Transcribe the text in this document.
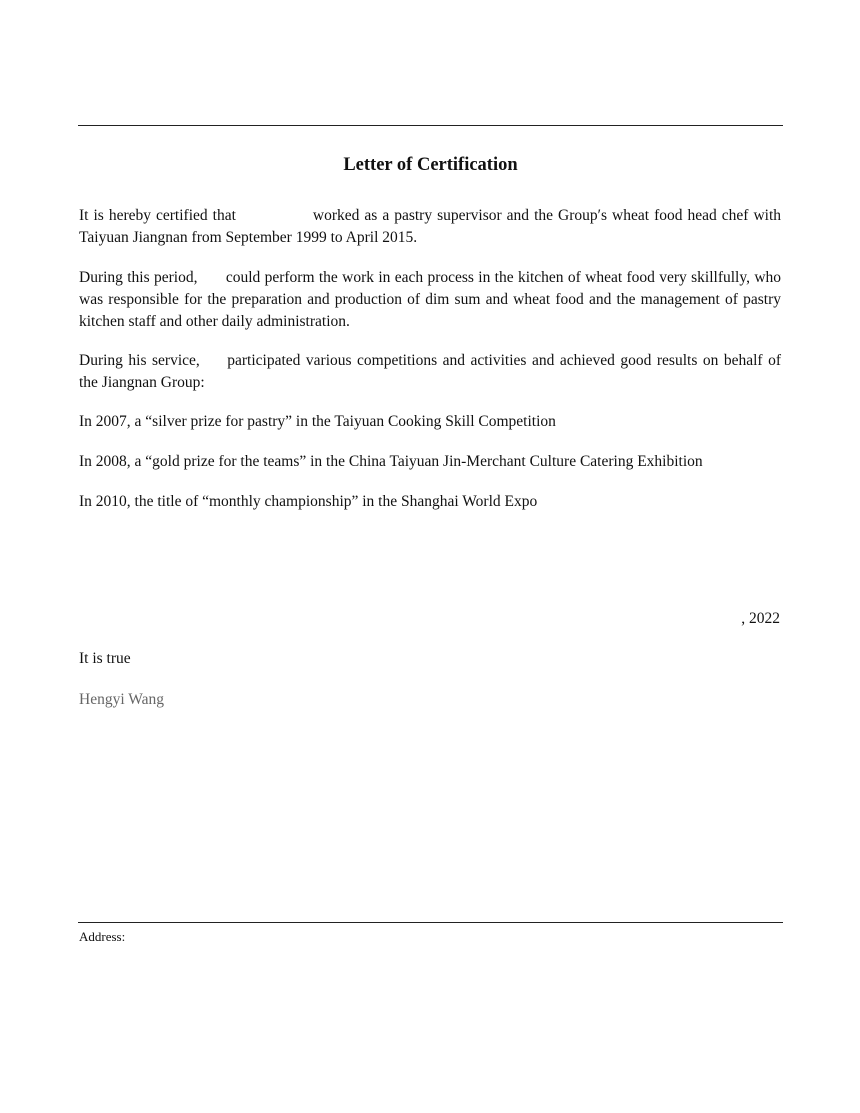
Letter of Certification

It is hereby certified that	worked as a pastry supervisor and the Group′s wheat food head chef with Taiyuan Jiangnan from September 1999 to April 2015.

During this period, could perform the work in each process in the kitchen of wheat food very skillfully, who was responsible for the preparation and production of dim sum and wheat food and the management of pastry kitchen staff and other daily administration.

During his service, participated various competitions and activities and achieved good results on behalf of the Jiangnan Group:

In 2007, a “silver prize for pastry” in the Taiyuan Cooking Skill Competition

In 2008, a “gold prize for the teams” in the China Taiyuan Jin-Merchant Culture Catering Exhibition

In 2010, the title of “monthly championship” in the Shanghai World Expo

, 2022

It is true

Hengyi Wang

Address:
